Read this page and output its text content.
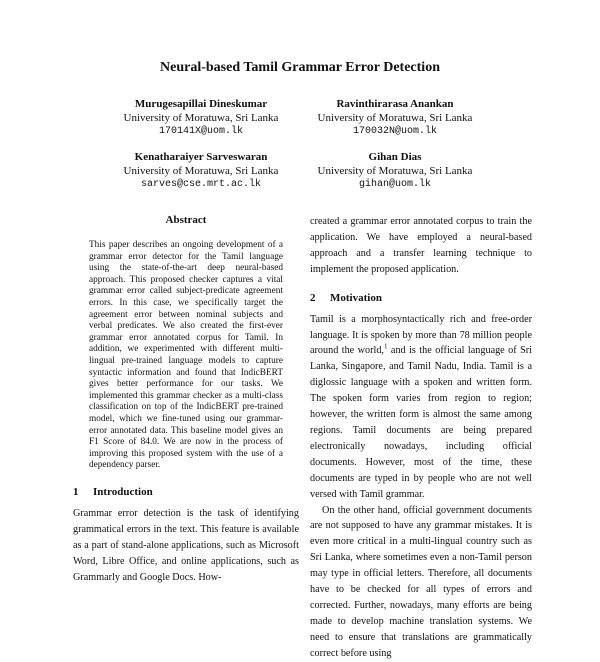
Neural-based Tamil Grammar Error Detection
Murugesapillai Dineskumar
University of Moratuwa, Sri Lanka
170141X@uom.lk
Ravinthirarasa Anankan
University of Moratuwa, Sri Lanka
170032N@uom.lk
Kenatharaiyer Sarveswaran
University of Moratuwa, Sri Lanka
sarves@cse.mrt.ac.lk
Gihan Dias
University of Moratuwa, Sri Lanka
gihan@uom.lk
Abstract

This paper describes an ongoing development of a grammar error detector for the Tamil language using the state-of-the-art deep neural-based approach. This proposed checker captures a vital grammar error called subject-predicate agreement errors. In this case, we specifically target the agreement error between nominal subjects and verbal predicates. We also created the first-ever grammar error annotated corpus for Tamil. In addition, we experimented with different multi-lingual pre-trained language models to capture syntactic information and found that IndicBERT gives better performance for our tasks. We implemented this grammar checker as a multi-class classification on top of the IndicBERT pre-trained model, which we fine-tuned using our grammar-error annotated data. This baseline model gives an F1 Score of 84.0. We are now in the process of improving this proposed system with the use of a dependency parser.

1 Introduction

Grammar error detection is the task of identifying grammatical errors in the text. This feature is available as a part of stand-alone applications, such as Microsoft Word, Libre Office, and online applications, such as Grammarly and Google Docs. How-

created a grammar error annotated corpus to train the application. We have employed a neural-based approach and a transfer learning technique to implement the proposed application.

2 Motivation

Tamil is a morphosyntactically rich and free-order language. It is spoken by more than 78 million people around the world,$^1$ and is the official language of Sri Lanka, Singapore, and Tamil Nadu, India. Tamil is a diglossic language with a spoken and written form. The spoken form varies from region to region; however, the written form is almost the same among regions. Tamil documents are being prepared electronically nowadays, including official documents. However, most of the time, these documents are typed in by people who are not well versed with Tamil grammar.

On the other hand, official government documents are not supposed to have any grammar mistakes. It is even more critical in a multi-lingual country such as Sri Lanka, where sometimes even a non-Tamil person may type in official letters. Therefore, all documents have to be checked for all types of errors and corrected. Further, nowadays, many efforts are being made to develop machine translation systems. We need to ensure that translations are grammatically correct before using
